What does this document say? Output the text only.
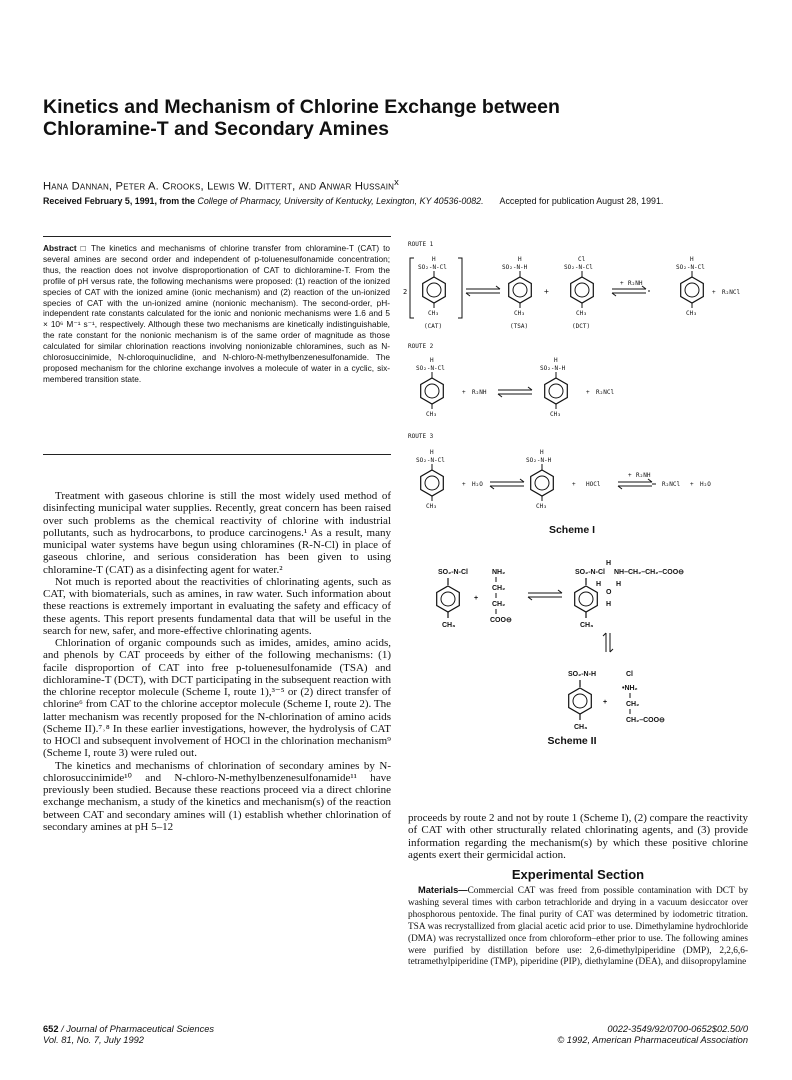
Kinetics and Mechanism of Chlorine Exchange between Chloramine-T and Secondary Amines
Hana Dannan, Peter A. Crooks, Lewis W. Dittert, and Anwar Hussain$^x$
Received February 5, 1991, from the College of Pharmacy, University of Kentucky, Lexington, KY 40536-0082. Accepted for publication August 28, 1991.
Abstract □ The kinetics and mechanisms of chlorine transfer from chloramine-T (CAT) to several amines are second order and independent of p-toluenesulfonamide concentration; thus, the reaction does not involve disproportionation of CAT to dichloramine-T. From the profile of pH versus rate, the following mechanisms were proposed: (1) reaction of the ionized species of CAT with the ionized amine (ionic mechanism) and (2) reaction of the un-ionized species of CAT with the un-ionized amine (nonionic mechanism). The second-order, pH-independent rate constants calculated for the ionic and nonionic mechanisms were 1.6 and 5 × 10⁶ M⁻¹ s⁻¹, respectively. Although these two mechanisms are kinetically indistinguishable, the rate constant for the nonionic mechanism is of the same order of magnitude as those calculated for similar chlorination reactions involving nonionizable chloramines, such as N-chlorosuccinimide, N-chloroquinuclidine, and N-chloro-N-methylbenzenesulfonamide. The proposed mechanism for the chlorine exchange involves a molecule of water in a cyclic, six-membered transition state.

Treatment with gaseous chlorine is still the most widely used method of disinfecting municipal water supplies. Recently, great concern has been raised over such problems as the chemical reactivity of chlorine with industrial pollutants, such as hydrocarbons, to produce carcinogens.¹ As a result, many municipal water systems have begun using chloramines (R-N-Cl) in place of gaseous chlorine, and serious consideration has been given to using chloramine-T (CAT) as a disinfecting agent for water.²

Not much is reported about the reactivities of chlorinating agents, such as CAT, with biomaterials, such as amines, in raw water. Such information about these reactions is extremely important in evaluating the safety and efficacy of these agents. This report presents fundamental data that will be useful in the search for new, safer, and more-effective chlorinating agents.

Chlorination of organic compounds such as imides, amides, amino acids, and phenols by CAT proceeds by either of the following mechanisms: (1) facile disproportion of CAT into free p-toluenesulfonamide (TSA) and dichloramine-T (DCT), with DCT participating in the subsequent reaction with the chlorine receptor molecule (Scheme I, route 1),³⁻⁵ or (2) direct transfer of chlorine⁶ from CAT to the chlorine acceptor molecule (Scheme I, route 2). The latter mechanism was recently proposed for the N-chlorination of amino acids (Scheme II).⁷˒⁸ In these earlier investigations, however, the hydrolysis of CAT to HOCl and subsequent involvement of HOCl in the chlorination mechanism⁹ (Scheme I, route 3) were ruled out.

The kinetics and mechanisms of chlorination of secondary amines by N-chlorosuccinimide¹⁰ and N-chloro-N-methylbenzenesulfonamide¹¹ have previously been studied. Because these reactions proceed via a direct chlorine exchange mechanism, a study of the kinetics and mechanism(s) of the reaction between CAT and secondary amines will (1) establish whether chlorination of secondary amines at pH 5–12

proceeds by route 2 and not by route 1 (Scheme I), (2) compare the reactivity of CAT with other structurally related chlorinating agents, and (3) provide information regarding the mechanism(s) by which these positive chlorine agents exert their germicidal action.

Experimental Section

Materials—Commercial CAT was freed from possible contamination with DCT by washing several times with carbon tetrachloride and drying in a vacuum desiccator over phosphorous pentoxide. The final purity of CAT was determined by iodometric titration. TSA was recrystallized from glacial acetic acid prior to use. Dimethylamine hydrochloride (DMA) was recrystallized once from chloroform–ether prior to use. The following amines were purified by distillation before use: 2,6-dimethylpiperidine (DMP), 2,2,6,6-tetramethylpiperidine (TMP), piperidine (PIP), diethylamine (DEA), and diisopropylamine

652 / Journal of Pharmaceutical Sciences
Vol. 81, No. 7, July 1992
0022-3549/92/0700-0652$02.50/0
© 1992, American Pharmaceutical Association
ROUTE 1
2
H
SO₂-N-Cl
CH₃
(CAT)
H
SO₂-N-H
CH₃
(TSA)
+
Cl
SO₂-N-Cl
CH₃
(DCT)
+ R₂NH
H
SO₂-N-Cl
CH₃
+ R₂NCl
ROUTE 2
H
SO₂-N-Cl
CH₃
+ R₂NH
H
SO₂-N-H
CH₃
+ R₂NCl
ROUTE 3
H
SO₂-N-Cl
CH₃
+ H₂O
H
SO₂-N-H
CH₃
+ HOCl
+ R₂NH
R₂NCl + H₂O
Scheme I
SO₂-N-Cl
CH₃
NH₂
CH₂
CH₂
COO⊖
+
SO₂-N-Cl
H
NH–CH₂–CH₂–COO⊖
H
O
H
H
CH₃
SO₂-N-H
CH₃
+
Cl
•NH₂
CH₂
CH₂–COO⊖
Scheme II
